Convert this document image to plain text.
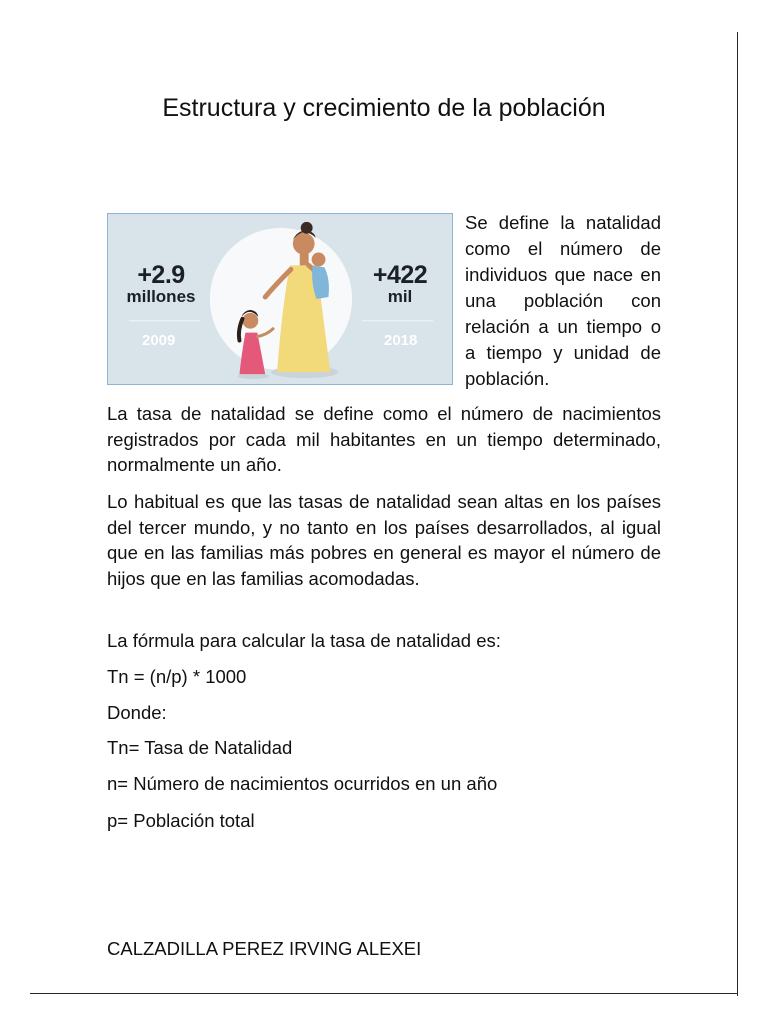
Estructura y crecimiento de la población
+2.9
millones
2009
+422
mil
2018

Se define la natalidad como el número de individuos que nace en una población con relación a un tiempo o a tiempo y unidad de población.

La tasa de natalidad se define como el número de nacimientos registrados por cada mil habitantes en un tiempo determinado, normalmente un año.

Lo habitual es que las tasas de natalidad sean altas en los países del tercer mundo, y no tanto en los países desarrollados, al igual que en las familias más pobres en general es mayor el número de hijos que en las familias acomodadas.

La fórmula para calcular la tasa de natalidad es:

Tn = (n/p) * 1000

Donde:

Tn= Tasa de Natalidad

n= Número de nacimientos ocurridos en un año

p= Población total

CALZADILLA PEREZ IRVING ALEXEI
